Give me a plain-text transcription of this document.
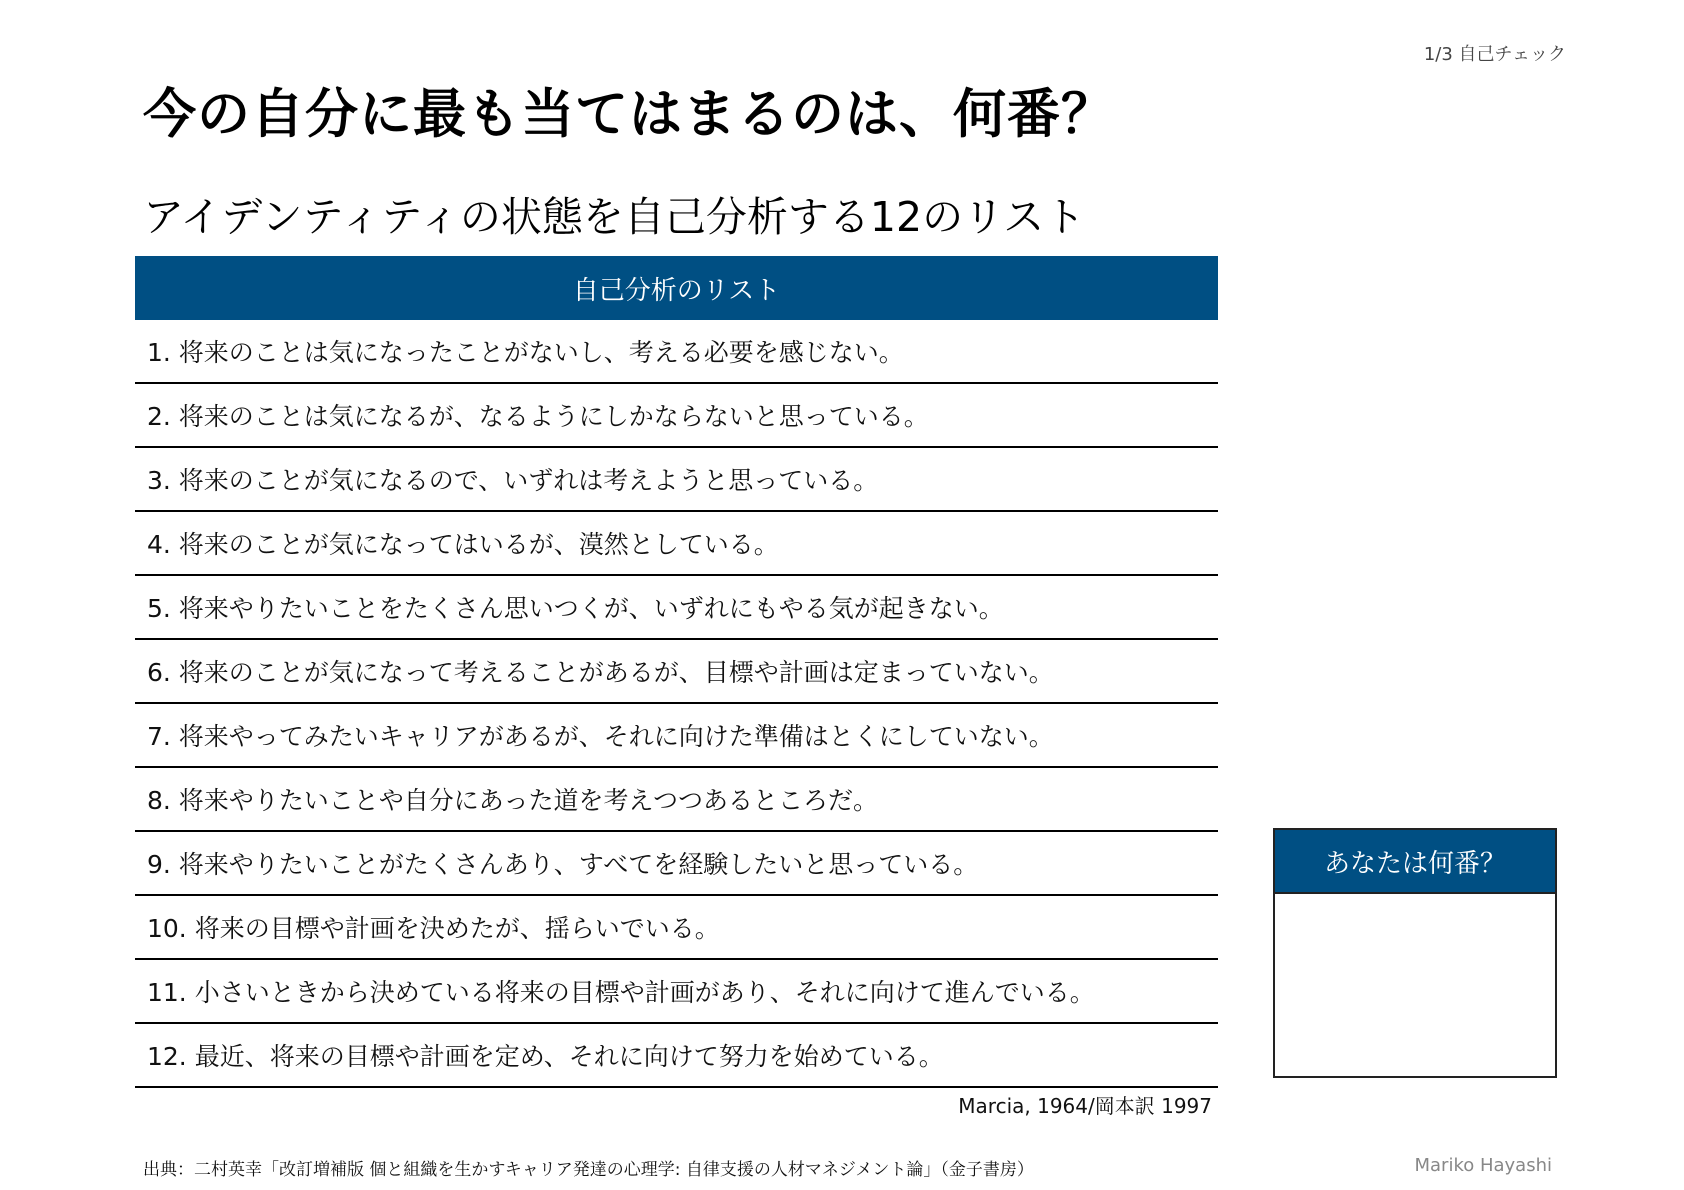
1/3 自己チェック
今の自分に最も当てはまるのは、何番？
アイデンティティの状態を自己分析する12のリスト
自己分析のリスト
1. 将来のことは気になったことがないし、考える必要を感じない。
2. 将来のことは気になるが、なるようにしかならないと思っている。
3. 将来のことが気になるので、いずれは考えようと思っている。
4. 将来のことが気になってはいるが、漠然としている。
5. 将来やりたいことをたくさん思いつくが、いずれにもやる気が起きない。
6. 将来のことが気になって考えることがあるが、目標や計画は定まっていない。
7. 将来やってみたいキャリアがあるが、それに向けた準備はとくにしていない。
8. 将来やりたいことや自分にあった道を考えつつあるところだ。
9. 将来やりたいことがたくさんあり、すべてを経験したいと思っている。
10. 将来の目標や計画を決めたが、揺らいでいる。
11. 小さいときから決めている将来の目標や計画があり、それに向けて進んでいる。
12. 最近、将来の目標や計画を定め、それに向けて努力を始めている。
Marcia, 1964/岡本訳 1997
あなたは何番？
出典：二村英幸「改訂増補版 個と組織を生かすキャリア発達の心理学: 自律支援の人材マネジメント論」（金子書房）	Mariko Hayashi
